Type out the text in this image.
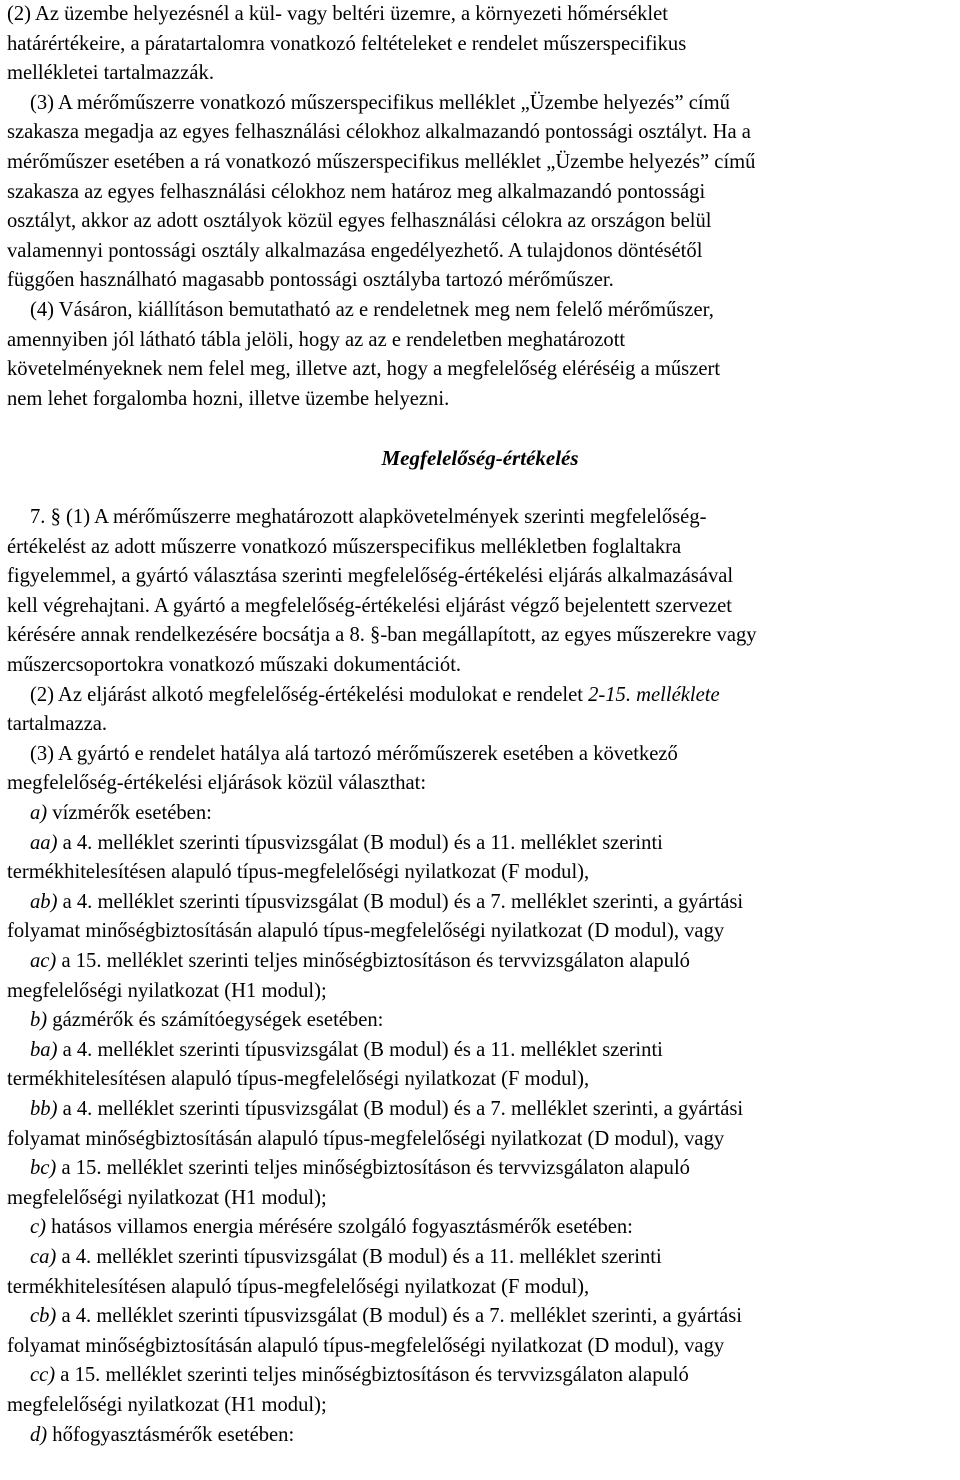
(2) Az üzembe helyezésnél a kül- vagy beltéri üzemre, a környezeti hőmérséklet
határértékeire, a páratartalomra vonatkozó feltételeket e rendelet műszerspecifikus
mellékletei tartalmazzák.
(3) A mérőműszerre vonatkozó műszerspecifikus melléklet „Üzembe helyezés” című
szakasza megadja az egyes felhasználási célokhoz alkalmazandó pontossági osztályt. Ha a
mérőműszer esetében a rá vonatkozó műszerspecifikus melléklet „Üzembe helyezés” című
szakasza az egyes felhasználási célokhoz nem határoz meg alkalmazandó pontossági
osztályt, akkor az adott osztályok közül egyes felhasználási célokra az országon belül
valamennyi pontossági osztály alkalmazása engedélyezhető. A tulajdonos döntésétől
függően használható magasabb pontossági osztályba tartozó mérőműszer.
(4) Vásáron, kiállításon bemutatható az e rendeletnek meg nem felelő mérőműszer,
amennyiben jól látható tábla jelöli, hogy az az e rendeletben meghatározott
követelményeknek nem felel meg, illetve azt, hogy a megfelelőség eléréséig a műszert
nem lehet forgalomba hozni, illetve üzembe helyezni.
Megfelelőség-értékelés
7. § (1) A mérőműszerre meghatározott alapkövetelmények szerinti megfelelőség-
értékelést az adott műszerre vonatkozó műszerspecifikus mellékletben foglaltakra
figyelemmel, a gyártó választása szerinti megfelelőség-értékelési eljárás alkalmazásával
kell végrehajtani. A gyártó a megfelelőség-értékelési eljárást végző bejelentett szervezet
kérésére annak rendelkezésére bocsátja a 8. §-ban megállapított, az egyes műszerekre vagy
műszercsoportokra vonatkozó műszaki dokumentációt.
(2) Az eljárást alkotó megfelelőség-értékelési modulokat e rendelet 2-15. melléklete
tartalmazza.
(3) A gyártó e rendelet hatálya alá tartozó mérőműszerek esetében a következő
megfelelőség-értékelési eljárások közül választhat:
a) vízmérők esetében:
aa) a 4. melléklet szerinti típusvizsgálat (B modul) és a 11. melléklet szerinti
termékhitelesítésen alapuló típus-megfelelőségi nyilatkozat (F modul),
ab) a 4. melléklet szerinti típusvizsgálat (B modul) és a 7. melléklet szerinti, a gyártási
folyamat minőségbiztosításán alapuló típus-megfelelőségi nyilatkozat (D modul), vagy
ac) a 15. melléklet szerinti teljes minőségbiztosításon és tervvizsgálaton alapuló
megfelelőségi nyilatkozat (H1 modul);
b) gázmérők és számítóegységek esetében:
ba) a 4. melléklet szerinti típusvizsgálat (B modul) és a 11. melléklet szerinti
termékhitelesítésen alapuló típus-megfelelőségi nyilatkozat (F modul),
bb) a 4. melléklet szerinti típusvizsgálat (B modul) és a 7. melléklet szerinti, a gyártási
folyamat minőségbiztosításán alapuló típus-megfelelőségi nyilatkozat (D modul), vagy
bc) a 15. melléklet szerinti teljes minőségbiztosításon és tervvizsgálaton alapuló
megfelelőségi nyilatkozat (H1 modul);
c) hatásos villamos energia mérésére szolgáló fogyasztásmérők esetében:
ca) a 4. melléklet szerinti típusvizsgálat (B modul) és a 11. melléklet szerinti
termékhitelesítésen alapuló típus-megfelelőségi nyilatkozat (F modul),
cb) a 4. melléklet szerinti típusvizsgálat (B modul) és a 7. melléklet szerinti, a gyártási
folyamat minőségbiztosításán alapuló típus-megfelelőségi nyilatkozat (D modul), vagy
cc) a 15. melléklet szerinti teljes minőségbiztosításon és tervvizsgálaton alapuló
megfelelőségi nyilatkozat (H1 modul);
d) hőfogyasztásmérők esetében:
